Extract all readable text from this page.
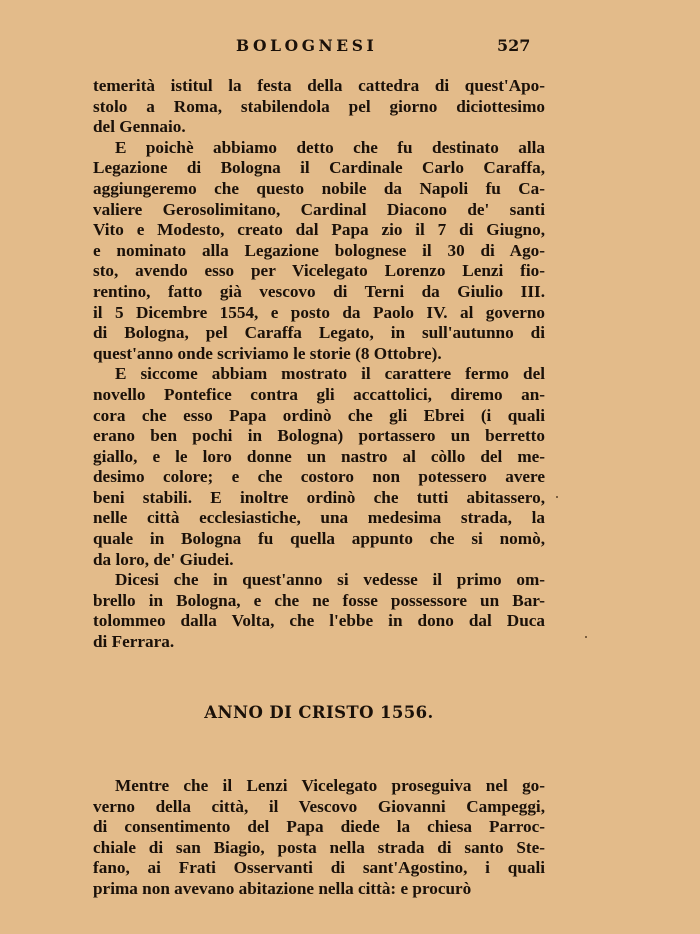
BOLOGNESI	527
temerità istitul la festa della cattedra di quest'Apo-
stolo a Roma, stabilendola pel giorno diciottesimo
del Gennaio.
E poichè abbiamo detto che fu destinato alla
Legazione di Bologna il Cardinale Carlo Caraffa,
aggiungeremo che questo nobile da Napoli fu Ca-
valiere Gerosolimitano, Cardinal Diacono de' santi
Vito e Modesto, creato dal Papa zio il 7 di Giugno,
e nominato alla Legazione bolognese il 30 di Ago-
sto, avendo esso per Vicelegato Lorenzo Lenzi fio-
rentino, fatto già vescovo di Terni da Giulio III.
il 5 Dicembre 1554, e posto da Paolo IV. al governo
di Bologna, pel Caraffa Legato, in sull'autunno di
quest'anno onde scriviamo le storie (8 Ottobre).
E siccome abbiam mostrato il carattere fermo del
novello Pontefice contra gli accattolici, diremo an-
cora che esso Papa ordinò che gli Ebrei (i quali
erano ben pochi in Bologna) portassero un berretto
giallo, e le loro donne un nastro al còllo del me-
desimo colore; e che costoro non potessero avere
beni stabili. E inoltre ordinò che tutti abitassero,
nelle città ecclesiastiche, una medesima strada, la
quale in Bologna fu quella appunto che si nomò,
da loro, de' Giudei.
Dicesi che in quest'anno si vedesse il primo om-
brello in Bologna, e che ne fosse possessore un Bar-
tolommeo dalla Volta, che l'ebbe in dono dal Duca
di Ferrara.
ANNO DI CRISTO 1556.
Mentre che il Lenzi Vicelegato proseguiva nel go-
verno della città, il Vescovo Giovanni Campeggi,
di consentimento del Papa diede la chiesa Parroc-
chiale di san Biagio, posta nella strada di santo Ste-
fano, ai Frati Osservanti di sant'Agostino, i quali
prima non avevano abitazione nella città: e procurò
